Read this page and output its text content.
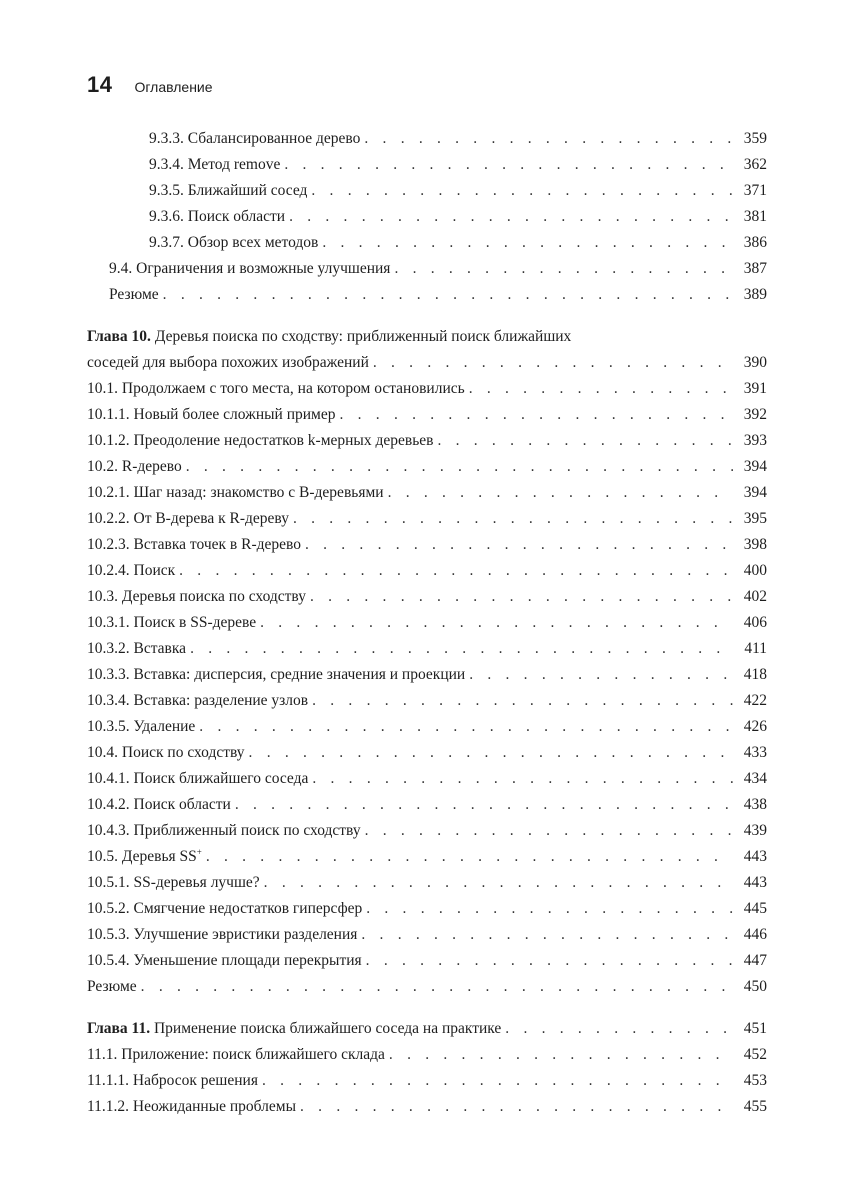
14 Оглавление
9.3.3. Сбалансированное дерево . . .	359
9.3.4. Метод remove . . .	362
9.3.5. Ближайший сосед . . .	371
9.3.6. Поиск области . . .	381
9.3.7. Обзор всех методов . . .	386
9.4. Ограничения и возможные улучшения . . .	387
Резюме . . .	389
Глава 10. Деревья поиска по сходству: приближенный поиск ближайших
соседей для выбора похожих изображений . . .	390
10.1. Продолжаем с того места, на котором остановились . . .	391
10.1.1. Новый более сложный пример . . .	392
10.1.2. Преодоление недостатков k-мерных деревьев . . .	393
10.2. R-дерево . . .	394
10.2.1. Шаг назад: знакомство с B-деревьями . . .	394
10.2.2. От B-дерева к R-дереву . . .	395
10.2.3. Вставка точек в R-дерево . . .	398
10.2.4. Поиск . . .	400
10.3. Деревья поиска по сходству . . .	402
10.3.1. Поиск в SS-дереве . . .	406
10.3.2. Вставка . . .	411
10.3.3. Вставка: дисперсия, средние значения и проекции . . .	418
10.3.4. Вставка: разделение узлов . . .	422
10.3.5. Удаление . . .	426
10.4. Поиск по сходству . . .	433
10.4.1. Поиск ближайшего соседа . . .	434
10.4.2. Поиск области . . .	438
10.4.3. Приближенный поиск по сходству . . .	439
10.5. Деревья SS+ . . .	443
10.5.1. SS-деревья лучше? . . .	443
10.5.2. Смягчение недостатков гиперсфер . . .	445
10.5.3. Улучшение эвристики разделения . . .	446
10.5.4. Уменьшение площади перекрытия . . .	447
Резюме . . .	450
Глава 11. Применение поиска ближайшего соседа на практике . . .	451
11.1. Приложение: поиск ближайшего склада . . .	452
11.1.1. Набросок решения . . .	453
11.1.2. Неожиданные проблемы . . .	455
